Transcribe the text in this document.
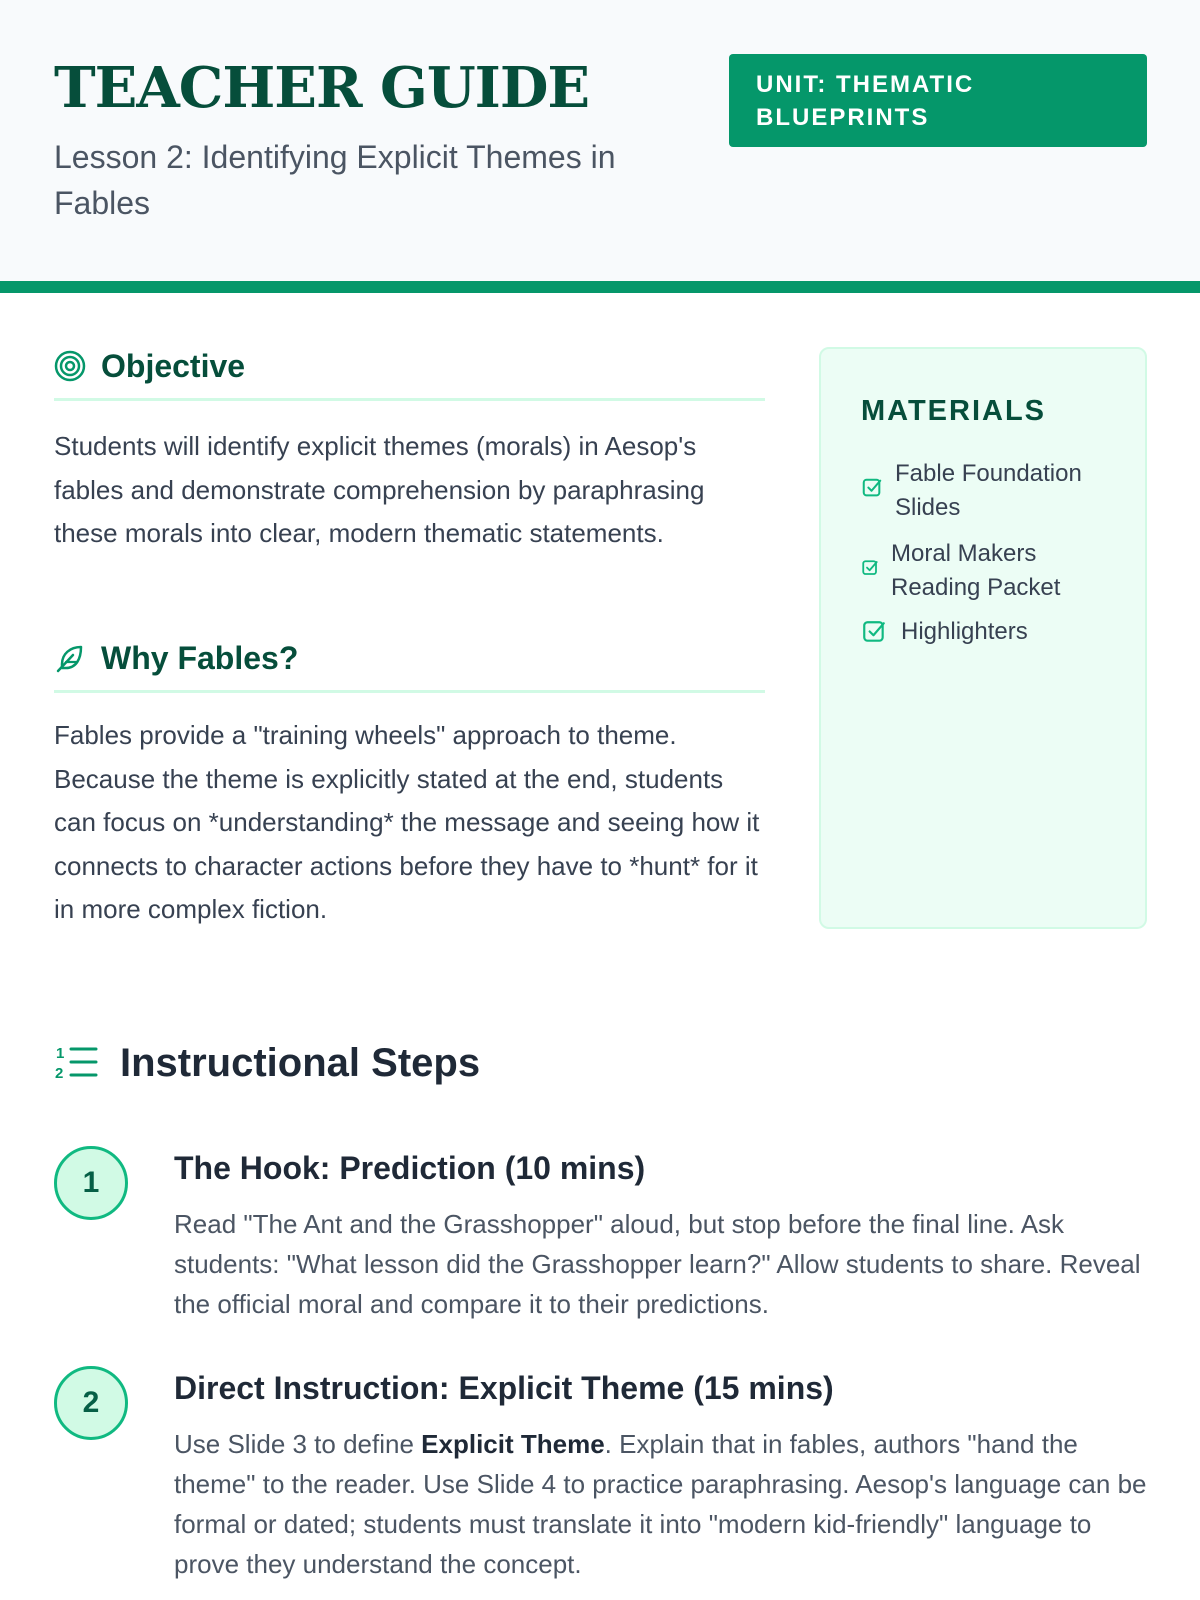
TEACHER GUIDE

Lesson 2: Identifying Explicit Themes in Fables

UNIT: THEMATIC BLUEPRINTS
Objective

Students will identify explicit themes (morals) in Aesop's fables and demonstrate comprehension by paraphrasing these morals into clear, modern thematic statements.

Why Fables?

Fables provide a "training wheels" approach to theme. Because the theme is explicitly stated at the end, students can focus on *understanding* the message and seeing how it connects to character actions before they have to *hunt* for it in more complex fiction.

MATERIALS
Fable Foundation Slides
Moral Makers Reading Packet
Highlighters
1
2 Instructional Steps
1	The Hook: Prediction (10 mins)

Read "The Ant and the Grasshopper" aloud, but stop before the final line. Ask students: "What lesson did the Grasshopper learn?" Allow students to share. Reveal the official moral and compare it to their predictions.

2	Direct Instruction: Explicit Theme (15 mins)

Use Slide 3 to define Explicit Theme. Explain that in fables, authors "hand the theme" to the reader. Use Slide 4 to practice paraphrasing. Aesop's language can be formal or dated; students must translate it into "modern kid-friendly" language to prove they understand the concept.
